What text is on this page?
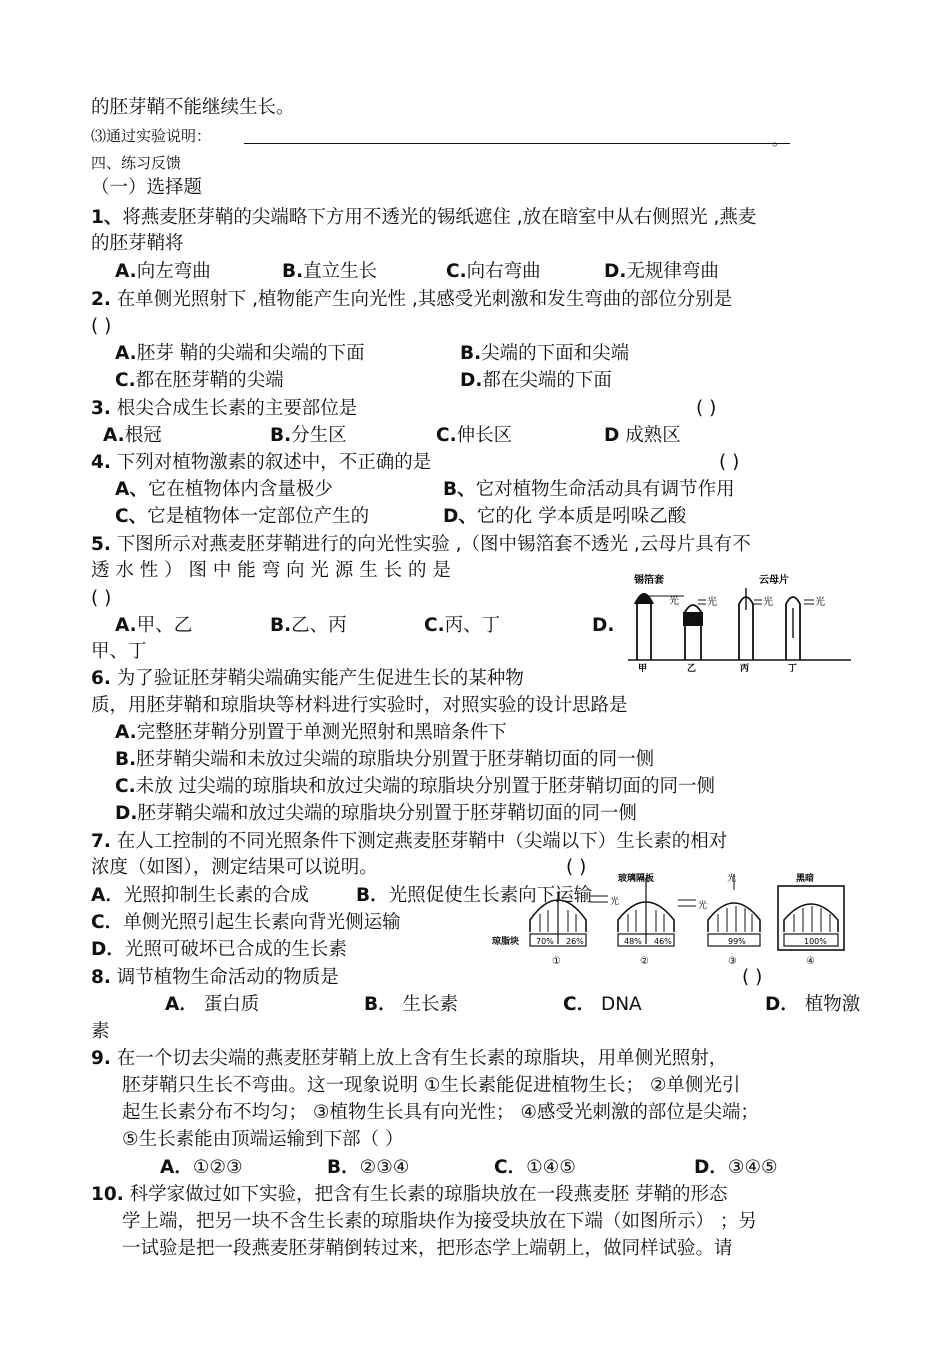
的胚芽鞘不能继续生长。
⑶通过实验说明：	。
四、练习反馈
（一）选择题
1、将燕麦胚芽鞘的尖端略下方用不透光的锡纸遮住 ,放在暗室中从右侧照光 ,燕麦
的胚芽鞘将
A.向左弯曲	B.直立生长	C.向右弯曲	D.无规律弯曲
2. 在单侧光照射下 ,植物能产生向光性 ,其感受光刺激和发生弯曲的部位分别是
( )
A.胚芽 鞘的尖端和尖端的下面	B.尖端的下面和尖端
C.都在胚芽鞘的尖端	D.都在尖端的下面
3. 根尖合成生长素的主要部位是	( )
A.根冠	B.分生区	C.伸长区	D 成熟区
4. 下列对植物激素的叙述中，不正确的是	( )
A、它在植物体内含量极少	B、它对植物生命活动具有调节作用
C、它是植物体一定部位产生的	D、它的化 学本质是吲哚乙酸
5. 下图所示对燕麦胚芽鞘进行的向光性实验 ,（图中锡箔套不透光 ,云母片具有不
透 水 性 ） 图 中 能 弯 向 光 源 生 长 的 是
( )
A.甲、乙	B.乙、丙	C.丙、丁	D.
甲、丁
锡箔套	云母片
光	光	光	光
甲	乙	丙	丁
6. 为了验证胚芽鞘尖端确实能产生促进生长的某种物
质，用胚芽鞘和琼脂块等材料进行实验时，对照实验的设计思路是
A.完整胚芽鞘分别置于单测光照射和黑暗条件下
B.胚芽鞘尖端和未放过尖端的琼脂块分别置于胚芽鞘切面的同一侧
C.未放 过尖端的琼脂块和放过尖端的琼脂块分别置于胚芽鞘切面的同一侧
D.胚芽鞘尖端和放过尖端的琼脂块分别置于胚芽鞘切面的同一侧
7. 在人工控制的不同光照条件下测定燕麦胚芽鞘中（尖端以下）生长素的相对
浓度（如图），测定结果可以说明。	( )
A．光照抑制生长素的合成	B．光照促使生长素向下运输
C．单侧光照引起生长素向背光侧运输
D．光照可破坏已合成的生长素
玻璃隔板	光	黑暗
70% 26%
光
①
琼脂块	48% 46%
光
②
99%
③
100%
④
8. 调节植物生命活动的物质是	( )
A． 蛋白质	B． 生长素	C． DNA	D． 植物激
素
9. 在一个切去尖端的燕麦胚芽鞘上放上含有生长素的琼脂块，用单侧光照射，
胚芽鞘只生长不弯曲。这一现象说明 ①生长素能促进植物生长； ②单侧光引
起生长素分布不均匀； ③植物生长具有向光性； ④感受光刺激的部位是尖端；
⑤生长素能由顶端运输到下部（ ）
A．①②③	B．②③④	C．①④⑤	D．③④⑤
10. 科学家做过如下实验，把含有生长素的琼脂块放在一段燕麦胚 芽鞘的形态
学上端，把另一块不含生长素的琼脂块作为接受块放在下端（如图所示） ；另
一试验是把一段燕麦胚芽鞘倒转过来，把形态学上端朝上，做同样试验。请
